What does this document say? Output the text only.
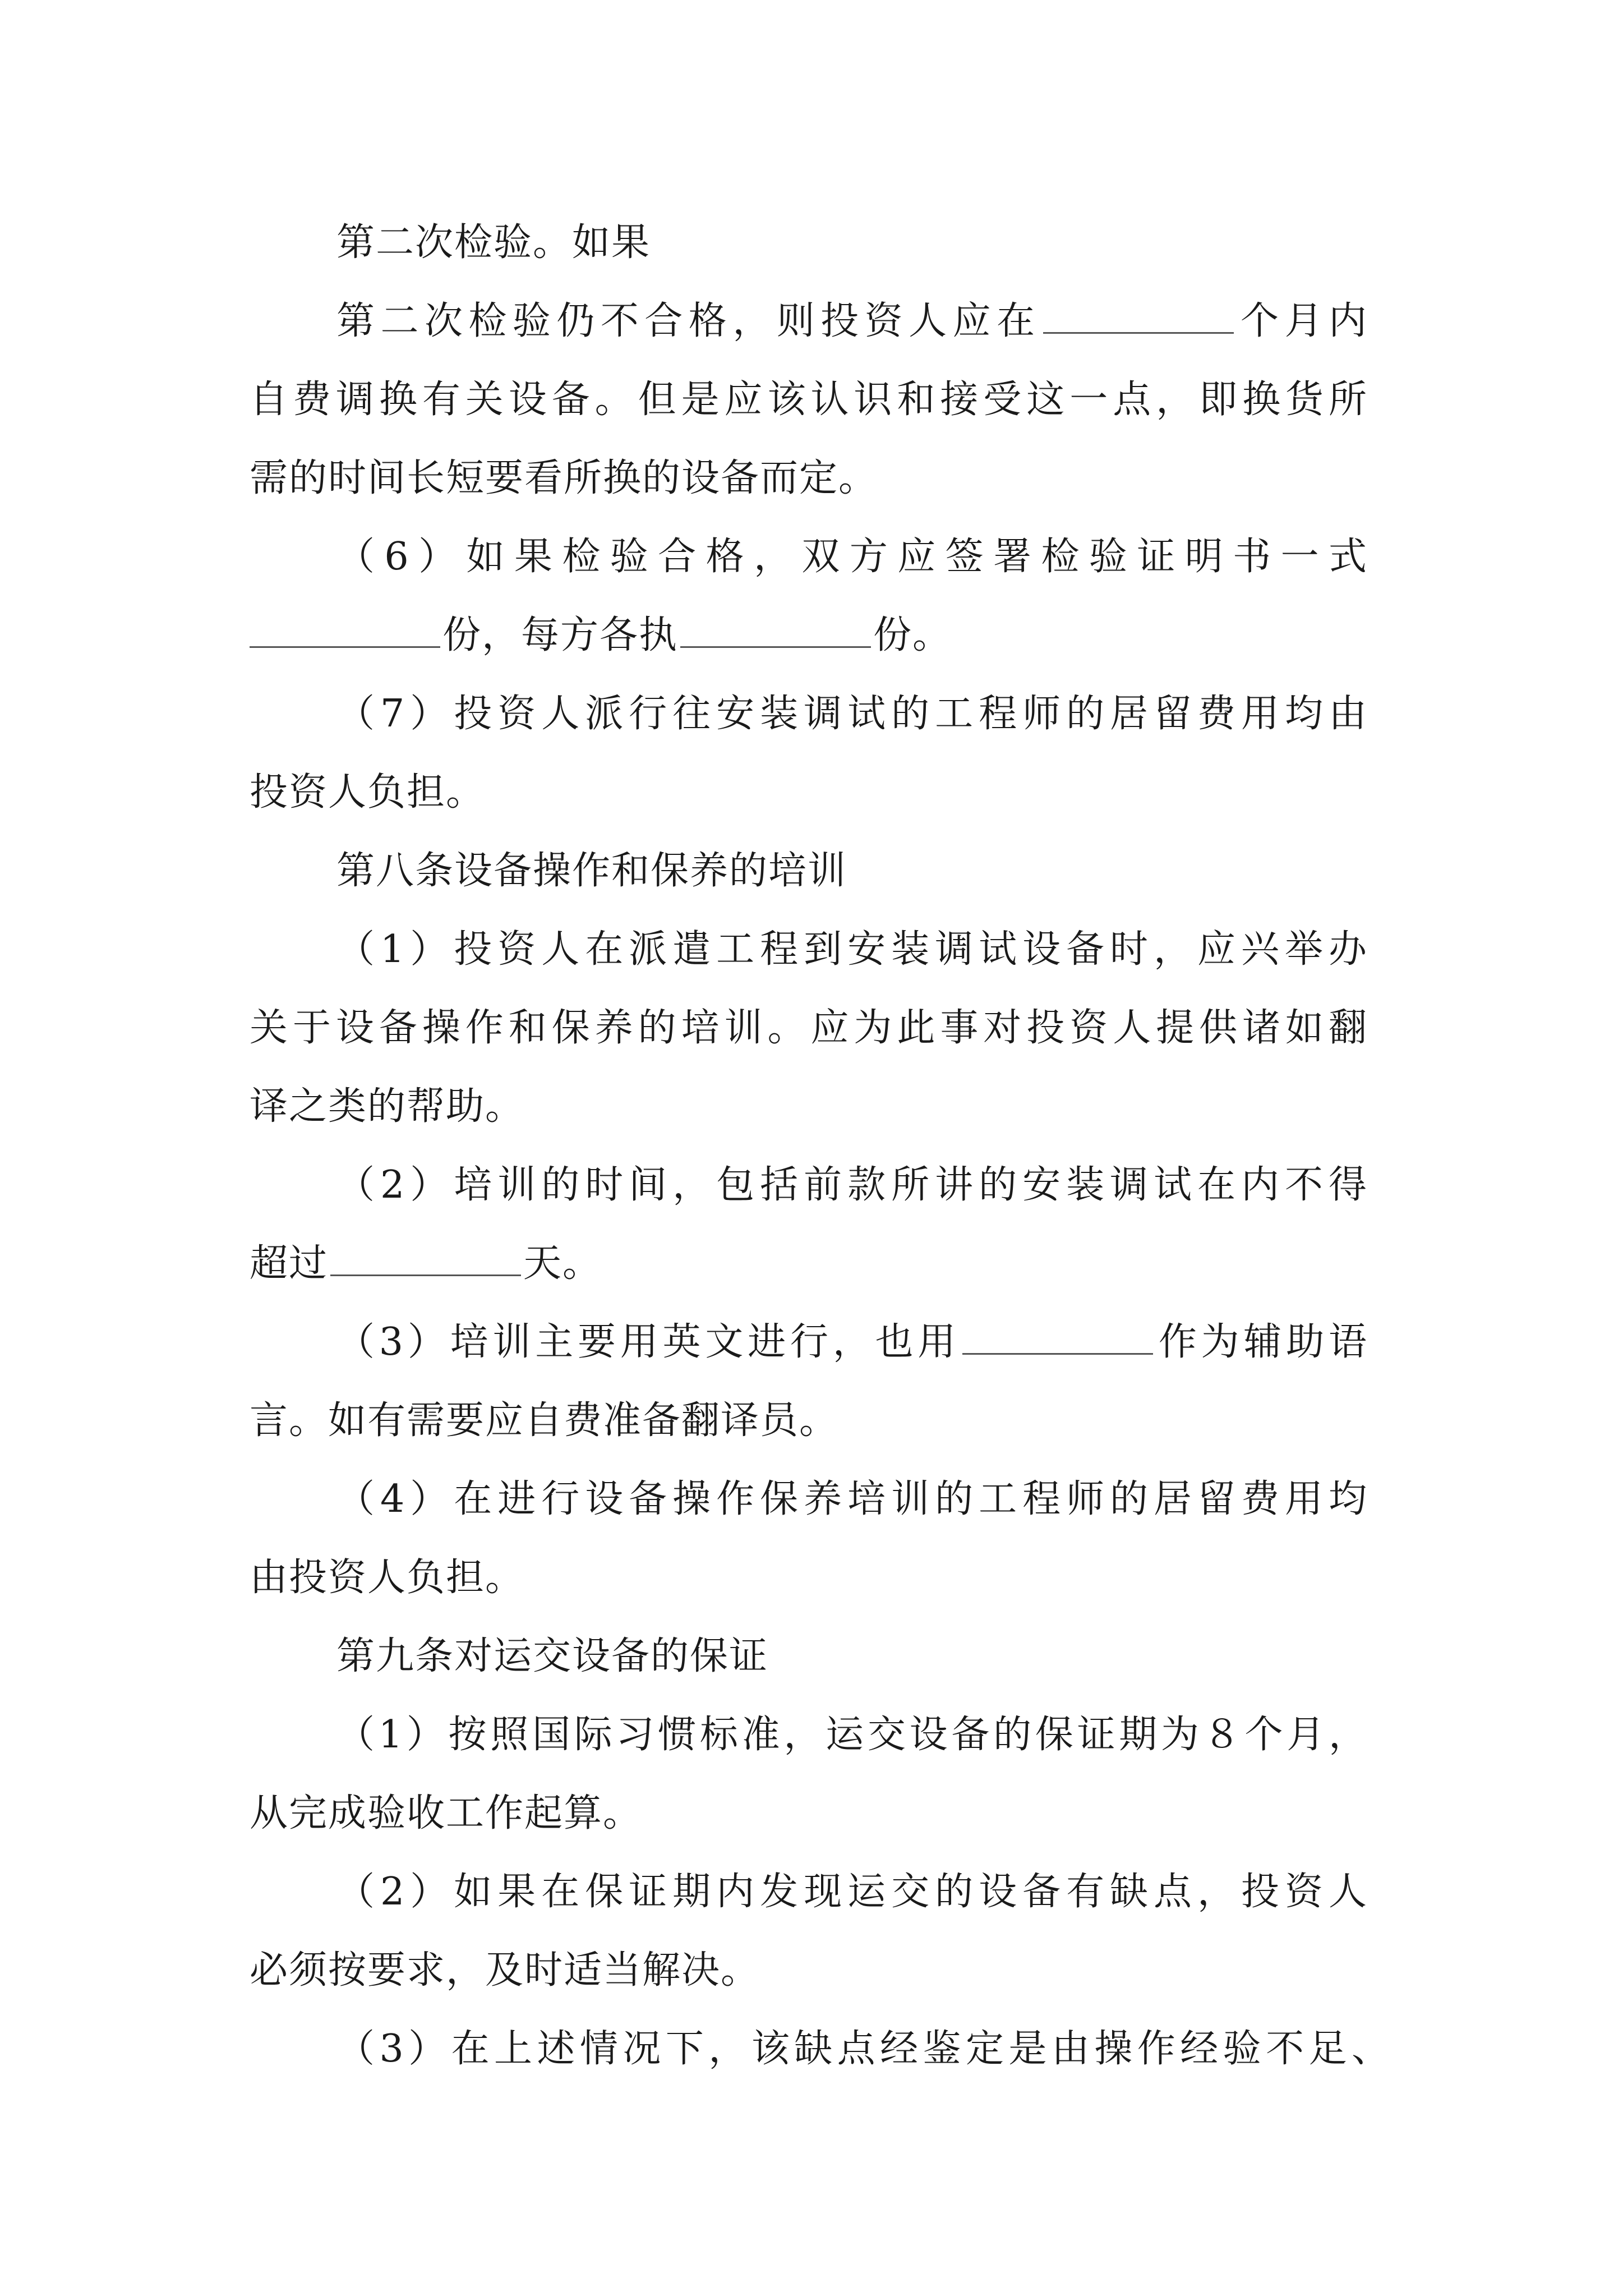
第二次检验。如果
第二次检验仍不合格，则投资人应在	个月内
自费调换有关设备。但是应该认识和接受这一点，即换货所
需的时间长短要看所换的设备而定。
（6）如果检验合格，双方应签署检验证明书一式
份，每方各执	份。
（7）投资人派行往安装调试的工程师的居留费用均由
投资人负担。
第八条设备操作和保养的培训
（1）投资人在派遣工程到安装调试设备时，应兴举办
关于设备操作和保养的培训。应为此事对投资人提供诸如翻
译之类的帮助。
（2）培训的时间，包括前款所讲的安装调试在内不得
超过	天。
（3）培训主要用英文进行，也用	作为辅助语
言。如有需要应自费准备翻译员。
（4）在进行设备操作保养培训的工程师的居留费用均
由投资人负担。
第九条对运交设备的保证
（1）按照国际习惯标准，运交设备的保证期为８个月，
从完成验收工作起算。
（2）如果在保证期内发现运交的设备有缺点，投资人
必须按要求，及时适当解决。
（3）在上述情况下，该缺点经鉴定是由操作经验不足、
